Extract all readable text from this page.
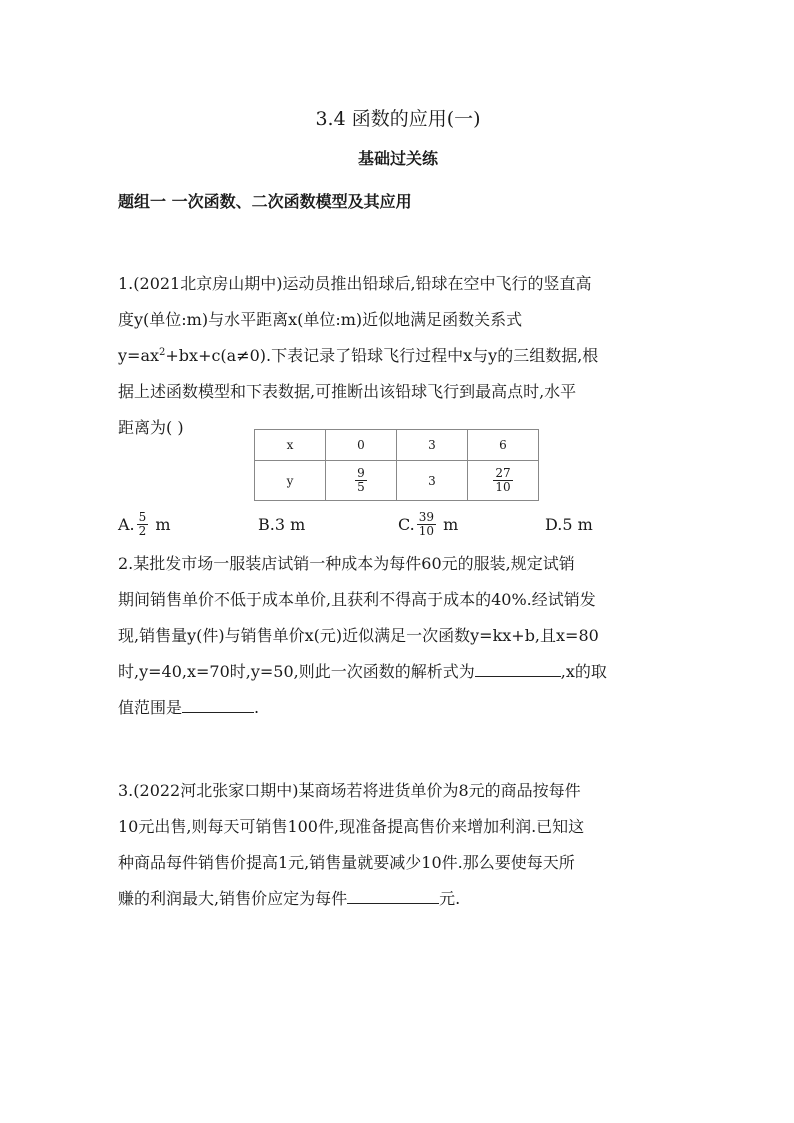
3.4 函数的应用(一)
基础过关练
题组一 一次函数、二次函数模型及其应用
1.(2021北京房山期中)运动员推出铅球后,铅球在空中飞行的竖直高
度y(单位:m)与水平距离x(单位:m)近似地满足函数关系式
$y=ax^2+bx+c(a\ne 0)$.下表记录了铅球飞行过程中x与y的三组数据,根
据上述函数模型和下表数据,可推断出该铅球飞行到最高点时,水平
距离为( )
x	0	3	6
y	$\frac{9}{5}$	3	$\frac{27}{10}$
A. $\frac{5}{2}$ m	B.3 m	C. $\frac{39}{10}$ m	D.5 m
2.某批发市场一服装店试销一种成本为每件60元的服装,规定试销
期间销售单价不低于成本单价,且获利不得高于成本的40%.经试销发
现,销售量y(件)与销售单价x(元)近似满足一次函数y=kx+b,且x=80
时,y=40,x=70时,y=50,则此一次函数的解析式为	,x的取
值范围是	.
3.(2022河北张家口期中)某商场若将进货单价为8元的商品按每件
10元出售,则每天可销售100件,现准备提高售价来增加利润.已知这
种商品每件销售价提高1元,销售量就要减少10件.那么要使每天所
赚的利润最大,销售价应定为每件	元.
